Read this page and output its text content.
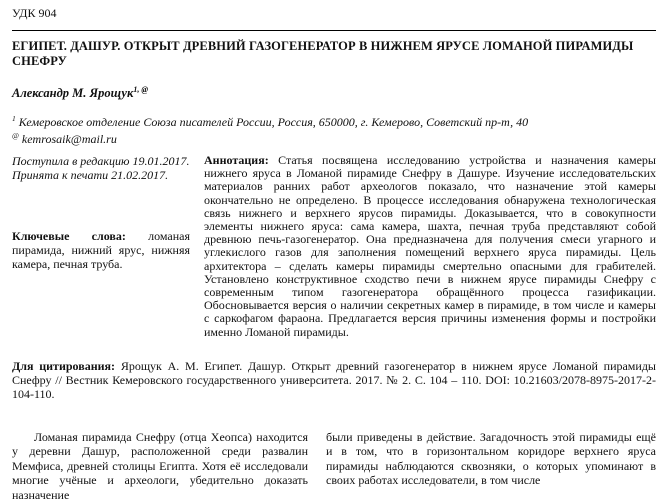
УДК 904
ЕГИПЕТ. ДАШУР. ОТКРЫТ ДРЕВНИЙ ГАЗОГЕНЕРАТОР В НИЖНЕМ ЯРУСЕ ЛОМАНОЙ ПИРАМИДЫ СНЕФРУ
Александр М. Ярощук$^{1, @}$
$^1$ Кемеровское отделение Союза писателей России, Россия, 650000, г. Кемерово, Советский пр-т, 40
@ kemrosaik@mail.ru
Поступила в редакцию 19.01.2017.
Принята к печати 21.02.2017.
Ключевые слова: ломаная пирамида, нижний ярус, нижняя камера, печная труба.
Аннотация: Статья посвящена исследованию устройства и назначения камеры нижнего яруса в Ломаной пирамиде Снефру в Дашуре. Изучение исследовательских материалов ранних работ археологов показало, что назначение этой камеры окончательно не определено. В процессе исследования обнаружена технологическая связь нижнего и верхнего ярусов пирамиды. Доказывается, что в совокупности элементы нижнего яруса: сама камера, шахта, печная труба представляют собой древнюю печь-газогенератор. Она предназначена для получения смеси угарного и углекислого газов для заполнения помещений верхнего яруса пирамиды. Цель архитектора – сделать камеры пирамиды смертельно опасными для грабителей. Установлено конструктивное сходство печи в нижнем ярусе пирамиды Снефру с современным типом газогенератора обращённого процесса газификации. Обосновывается версия о наличии секретных камер в пирамиде, в том числе и камеры с саркофагом фараона. Предлагается версия причины изменения формы и постройки именно Ломаной пирамиды.
Для цитирования: Ярощук А. М. Египет. Дашур. Открыт древний газогенератор в нижнем ярусе Ломаной пирамиды Снефру // Вестник Кемеровского государственного университета. 2017. № 2. С. 104 – 110. DOI: 10.21603/2078-8975-2017-2-104-110.
Ломаная пирамида Снефру (отца Хеопса) находится у деревни Дашур, расположенной среди развалин Мемфиса, древней столицы Египта. Хотя её исследовали многие учёные и археологи, убедительно доказать назначение
были приведены в действие. Загадочность этой пирамиды ещё и в том, что в горизонтальном коридоре верхнего яруса пирамиды наблюдаются сквозняки, о которых упоминают в своих работах исследователи, в том числе
